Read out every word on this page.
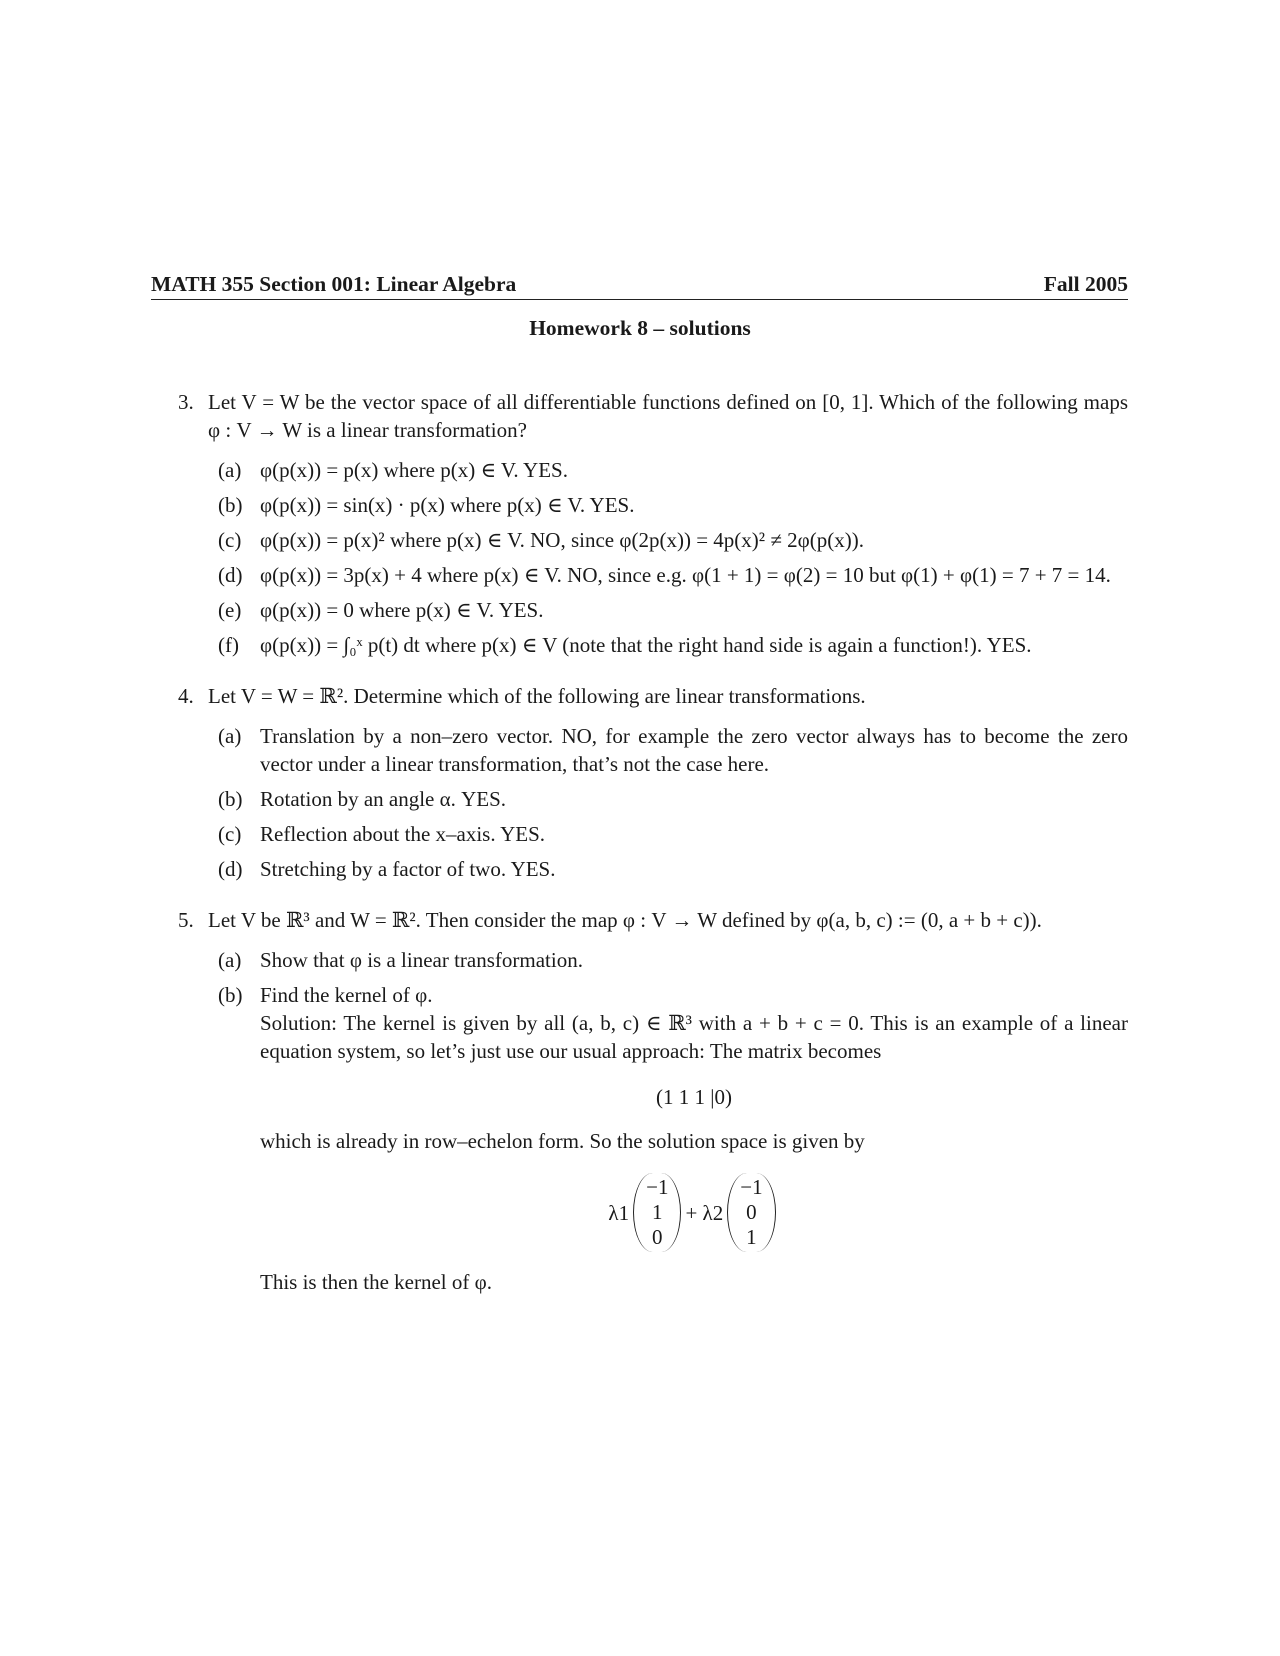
MATH 355 Section 001: Linear Algebra	Fall 2005
Homework 8 – solutions
3. Let V = W be the vector space of all differentiable functions defined on [0, 1]. Which of the following maps φ : V → W is a linear transformation?
(a) φ(p(x)) = p(x) where p(x) ∈ V. YES.
(b) φ(p(x)) = sin(x) · p(x) where p(x) ∈ V. YES.
(c) φ(p(x)) = p(x)² where p(x) ∈ V. NO, since φ(2p(x)) = 4p(x)² ≠ 2φ(p(x)).
(d) φ(p(x)) = 3p(x) + 4 where p(x) ∈ V. NO, since e.g. φ(1 + 1) = φ(2) = 10 but φ(1) + φ(1) = 7 + 7 = 14.
(e) φ(p(x)) = 0 where p(x) ∈ V. YES.
(f) φ(p(x)) = ∫₀ˣ p(t) dt where p(x) ∈ V (note that the right hand side is again a function!). YES.
4. Let V = W = ℝ². Determine which of the following are linear transformations.
(a) Translation by a non–zero vector. NO, for example the zero vector always has to become the zero vector under a linear transformation, that’s not the case here.
(b) Rotation by an angle α. YES.
(c) Reflection about the x–axis. YES.
(d) Stretching by a factor of two. YES.
5. Let V be ℝ³ and W = ℝ². Then consider the map φ : V → W defined by φ(a, b, c) := (0, a + b + c)).
(a) Show that φ is a linear transformation.
(b) Find the kernel of φ.
Solution: The kernel is given by all (a, b, c) ∈ ℝ³ with a + b + c = 0. This is an example of a linear equation system, so let’s just use our usual approach: The matrix becomes
(1 1 1 |0)
which is already in row–echelon form. So the solution space is given by
λ1
−1
1
0
+ λ2
−1
0
1
This is then the kernel of φ.
